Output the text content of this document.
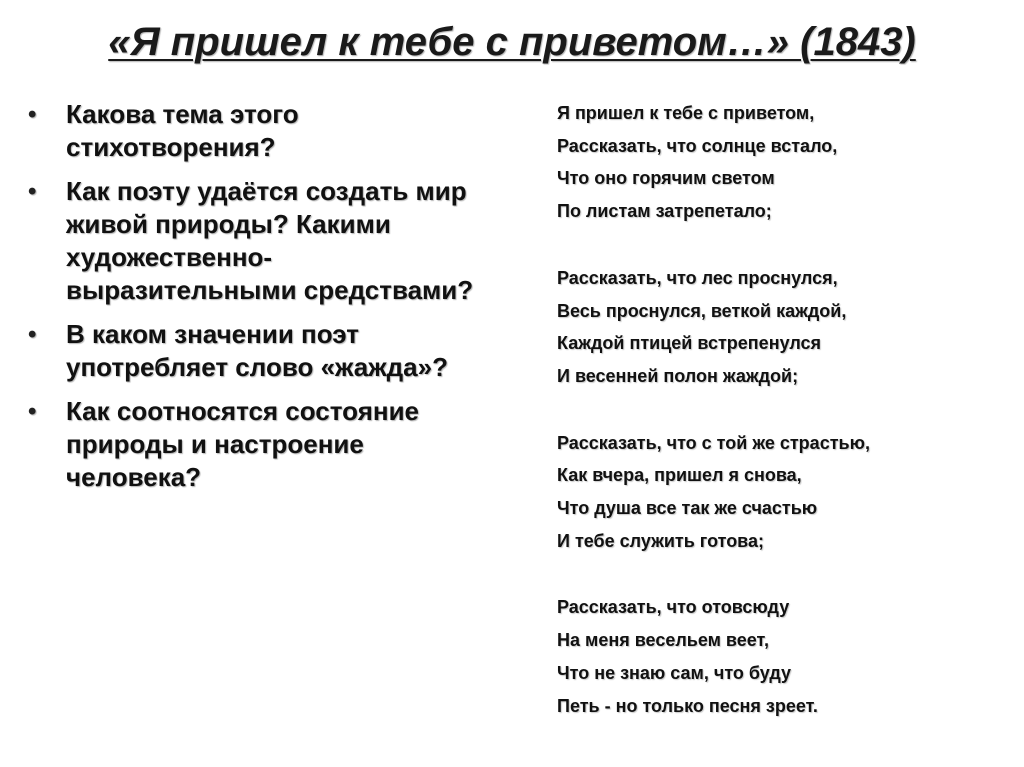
«Я пришел к тебе с приветом…» (1843)
• Какова тема этого стихотворения?
• Как поэту удаётся создать мир живой природы? Какими художественно-выразительными средствами?
• В каком значении поэт употребляет слово «жажда»?
• Как соотносятся состояние природы и настроение человека?
Я пришел к тебе с приветом,
Рассказать, что солнце встало,
Что оно горячим светом
По листам затрепетало;
Рассказать, что лес проснулся,
Весь проснулся, веткой каждой,
Каждой птицей встрепенулся
И весенней полон жаждой;
Рассказать, что с той же страстью,
Как вчера, пришел я снова,
Что душа все так же счастью
И тебе служить готова;
Рассказать, что отовсюду
На меня весельем веет,
Что не знаю сам, что буду
Петь - но только песня зреет.
